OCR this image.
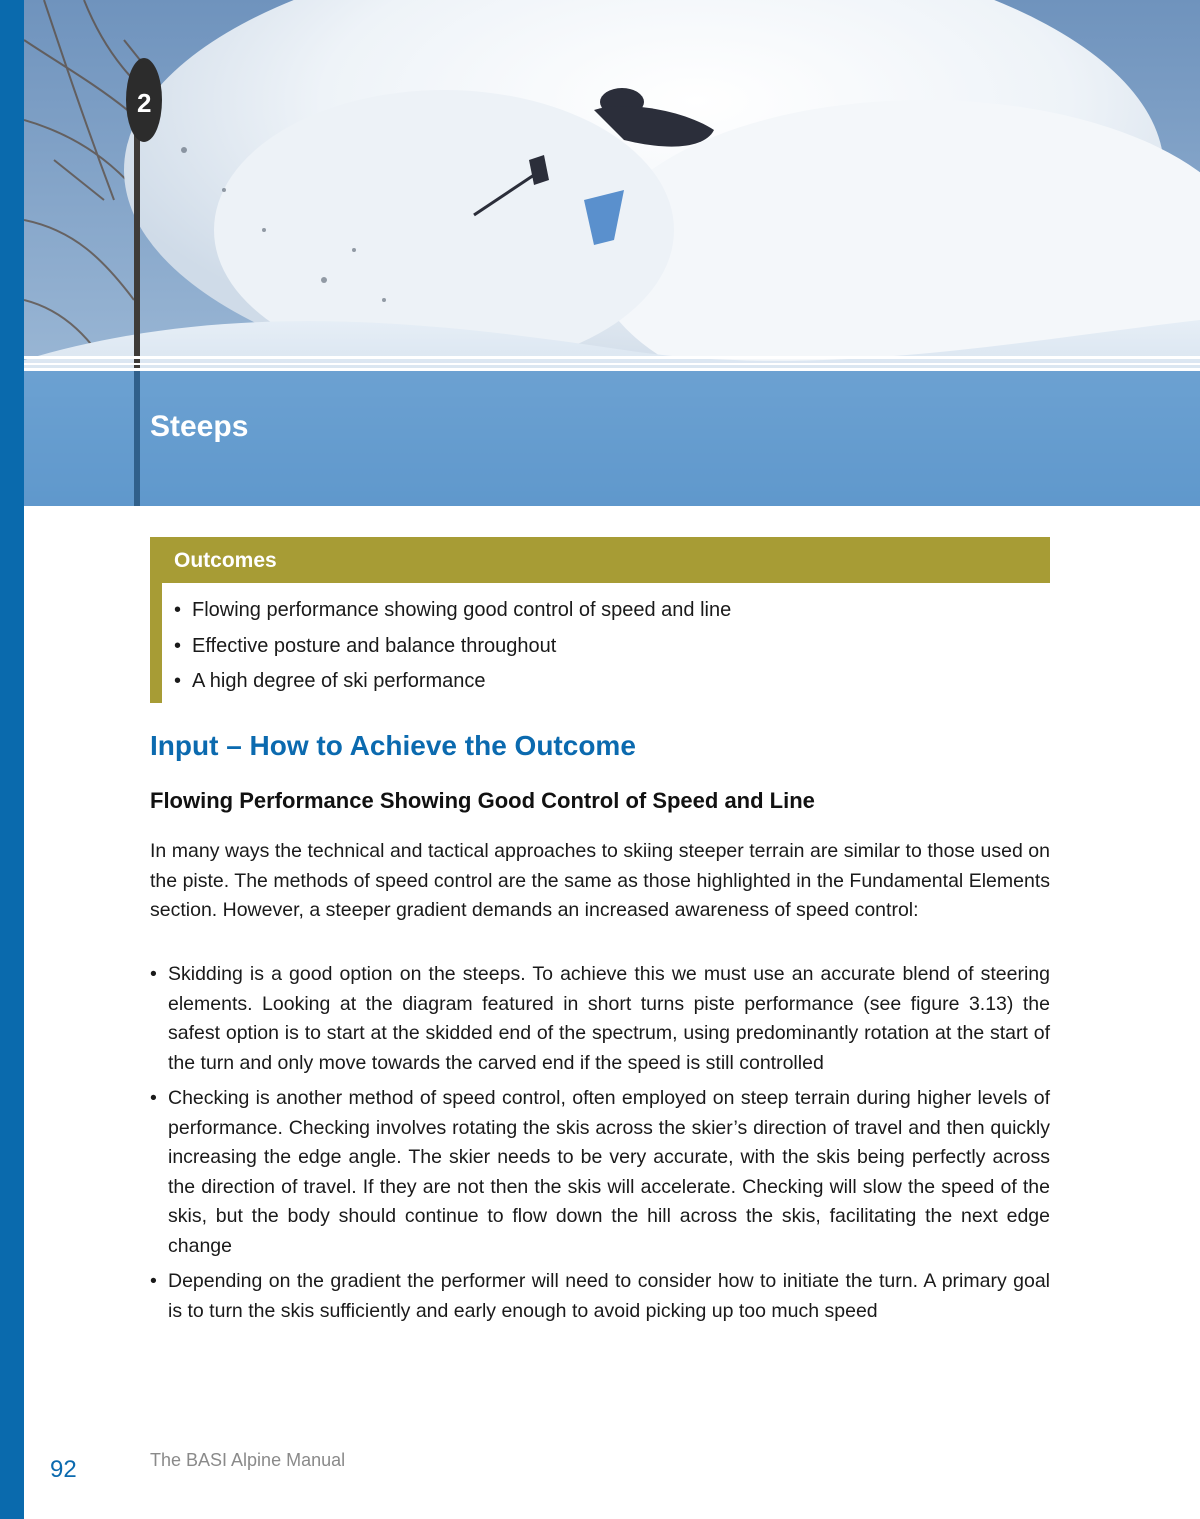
2
Steeps
Outcomes
• Flowing performance showing good control of speed and line
• Effective posture and balance throughout
• A high degree of ski performance
Input – How to Achieve the Outcome
Flowing Performance Showing Good Control of Speed and Line

In many ways the technical and tactical approaches to skiing steeper terrain are similar to those used on the piste. The methods of speed control are the same as those highlighted in the Fundamental Elements section. However, a steeper gradient demands an increased awareness of speed control:

• Skidding is a good option on the steeps. To achieve this we must use an accurate blend of steering elements. Looking at the diagram featured in short turns piste performance (see figure 3.13) the safest option is to start at the skidded end of the spectrum, using predominantly rotation at the start of the turn and only move towards the carved end if the speed is still controlled
• Checking is another method of speed control, often employed on steep terrain during higher levels of performance. Checking involves rotating the skis across the skier’s direction of travel and then quickly increasing the edge angle. The skier needs to be very accurate, with the skis being perfectly across the direction of travel. If they are not then the skis will accelerate. Checking will slow the speed of the skis, but the body should continue to flow down the hill across the skis, facilitating the next edge change
• Depending on the gradient the performer will need to consider how to initiate the turn. A primary goal is to turn the skis sufficiently and early enough to avoid picking up too much speed
92	The BASI Alpine Manual
